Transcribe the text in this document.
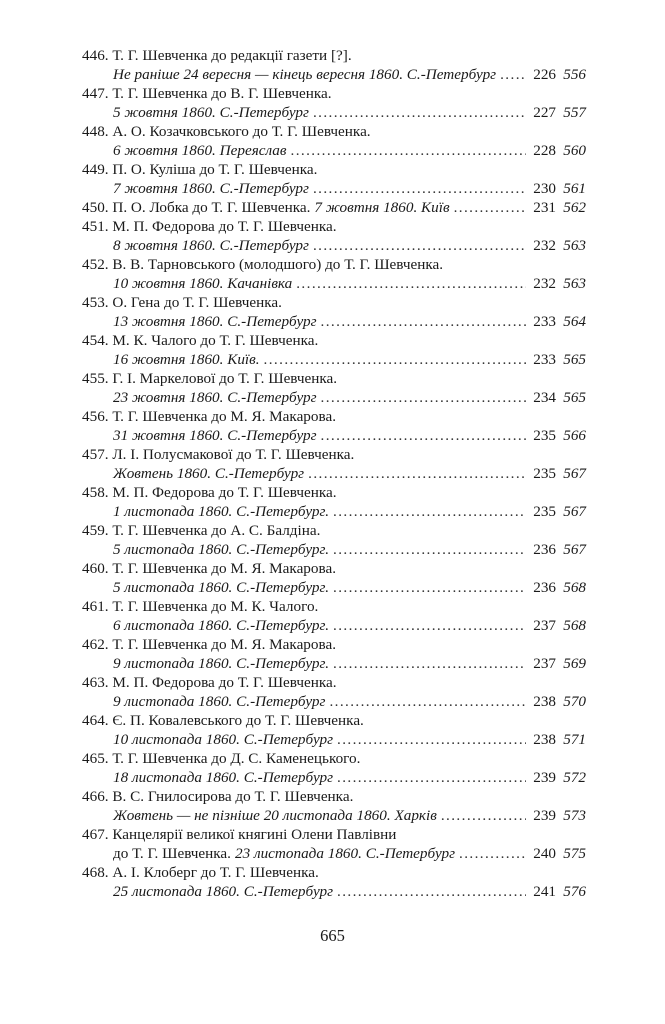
446. Т. Г. Шевченка до редакції газети [?].
Не раніше 24 вересня — кінець вересня 1860. С.-Петербург . . . 226 556
447. Т. Г. Шевченка до В. Г. Шевченка.
5 жовтня 1860. С.-Петербург . . .	227 557
448. А. О. Козачковського до Т. Г. Шевченка.
6 жовтня 1860. Переяслав . . .	228 560
449. П. О. Куліша до Т. Г. Шевченка.
7 жовтня 1860. С.-Петербург . . .	230 561
450. П. О. Лобка до Т. Г. Шевченка. 7 жовтня 1860. Київ . . .	231 562
451. М. П. Федорова до Т. Г. Шевченка.
8 жовтня 1860. С.-Петербург . . .	232 563
452. В. В. Тарновського (молодшого) до Т. Г. Шевченка.
10 жовтня 1860. Качанівка . . .	232 563
453. О. Гена до Т. Г. Шевченка.
13 жовтня 1860. С.-Петербург . . .	233 564
454. М. К. Чалого до Т. Г. Шевченка.
16 жовтня 1860. Київ. . . .	233 565
455. Г. І. Маркелової до Т. Г. Шевченка.
23 жовтня 1860. С.-Петербург . . .	234 565
456. Т. Г. Шевченка до М. Я. Макарова.
31 жовтня 1860. С.-Петербург . . .	235 566
457. Л. І. Полусмакової до Т. Г. Шевченка.
Жовтень 1860. С.-Петербург . . .	235 567
458. М. П. Федорова до Т. Г. Шевченка.
1 листопада 1860. С.-Петербург. . . .	235 567
459. Т. Г. Шевченка до А. С. Балдіна.
5 листопада 1860. С.-Петербург. . . .	236 567
460. Т. Г. Шевченка до М. Я. Макарова.
5 листопада 1860. С.-Петербург. . . .	236 568
461. Т. Г. Шевченка до М. К. Чалого.
6 листопада 1860. С.-Петербург. . . .	237 568
462. Т. Г. Шевченка до М. Я. Макарова.
9 листопада 1860. С.-Петербург. . . .	237 569
463. М. П. Федорова до Т. Г. Шевченка.
9 листопада 1860. С.-Петербург . . .	238 570
464. Є. П. Ковалевського до Т. Г. Шевченка.
10 листопада 1860. С.-Петербург . . .	238 571
465. Т. Г. Шевченка до Д. С. Каменецького.
18 листопада 1860. С.-Петербург . . .	239 572
466. В. С. Гнилосирова до Т. Г. Шевченка.
Жовтень — не пізніше 20 листопада 1860. Харків . . .	239 573
467. Канцелярії великої княгині Олени Павлівни
до Т. Г. Шевченка. 23 листопада 1860. С.-Петербург . . .	240 575
468. А. І. Клоберг до Т. Г. Шевченка.
25 листопада 1860. С.-Петербург . . .	241 576
665
